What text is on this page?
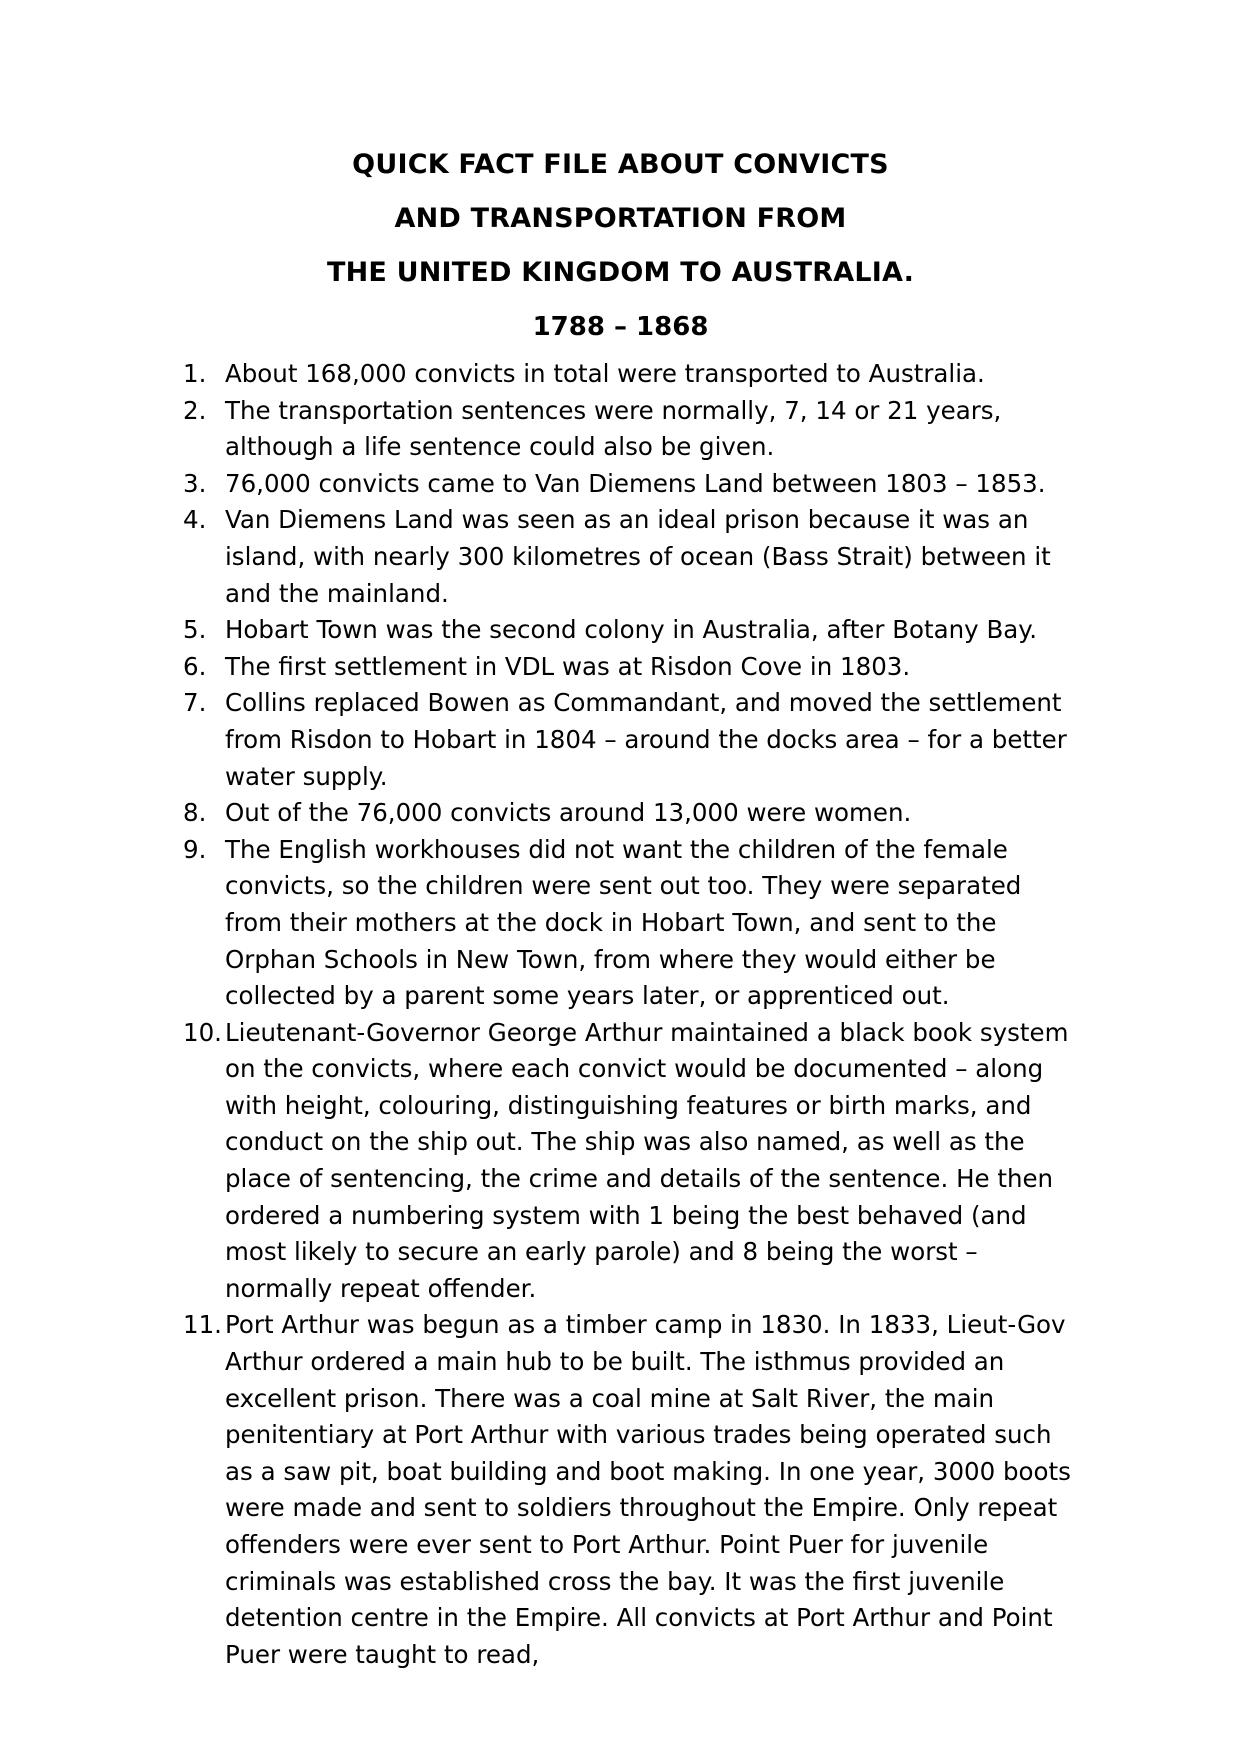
QUICK FACT FILE ABOUT CONVICTS

AND TRANSPORTATION FROM

THE UNITED KINGDOM TO AUSTRALIA.

1788 – 1868

1. About 168,000 convicts in total were transported to Australia.
2. The transportation sentences were normally, 7, 14 or 21 years, although a life sentence could also be given.
3. 76,000 convicts came to Van Diemens Land between 1803 – 1853.
4. Van Diemens Land was seen as an ideal prison because it was an island, with nearly 300 kilometres of ocean (Bass Strait) between it and the mainland.
5. Hobart Town was the second colony in Australia, after Botany Bay.
6. The first settlement in VDL was at Risdon Cove in 1803.
7. Collins replaced Bowen as Commandant, and moved the settlement from Risdon to Hobart in 1804 – around the docks area – for a better water supply.
8. Out of the 76,000 convicts around 13,000 were women.
9. The English workhouses did not want the children of the female convicts, so the children were sent out too. They were separated from their mothers at the dock in Hobart Town, and sent to the Orphan Schools in New Town, from where they would either be collected by a parent some years later, or apprenticed out.
10. Lieutenant-Governor George Arthur maintained a black book system on the convicts, where each convict would be documented – along with height, colouring, distinguishing features or birth marks, and conduct on the ship out. The ship was also named, as well as the place of sentencing, the crime and details of the sentence. He then ordered a numbering system with 1 being the best behaved (and most likely to secure an early parole) and 8 being the worst – normally repeat offender.
11. Port Arthur was begun as a timber camp in 1830. In 1833, Lieut-Gov Arthur ordered a main hub to be built. The isthmus provided an excellent prison. There was a coal mine at Salt River, the main penitentiary at Port Arthur with various trades being operated such as a saw pit, boat building and boot making. In one year, 3000 boots were made and sent to soldiers throughout the Empire. Only repeat offenders were ever sent to Port Arthur. Point Puer for juvenile criminals was established cross the bay. It was the first juvenile detention centre in the Empire. All convicts at Port Arthur and Point Puer were taught to read,
